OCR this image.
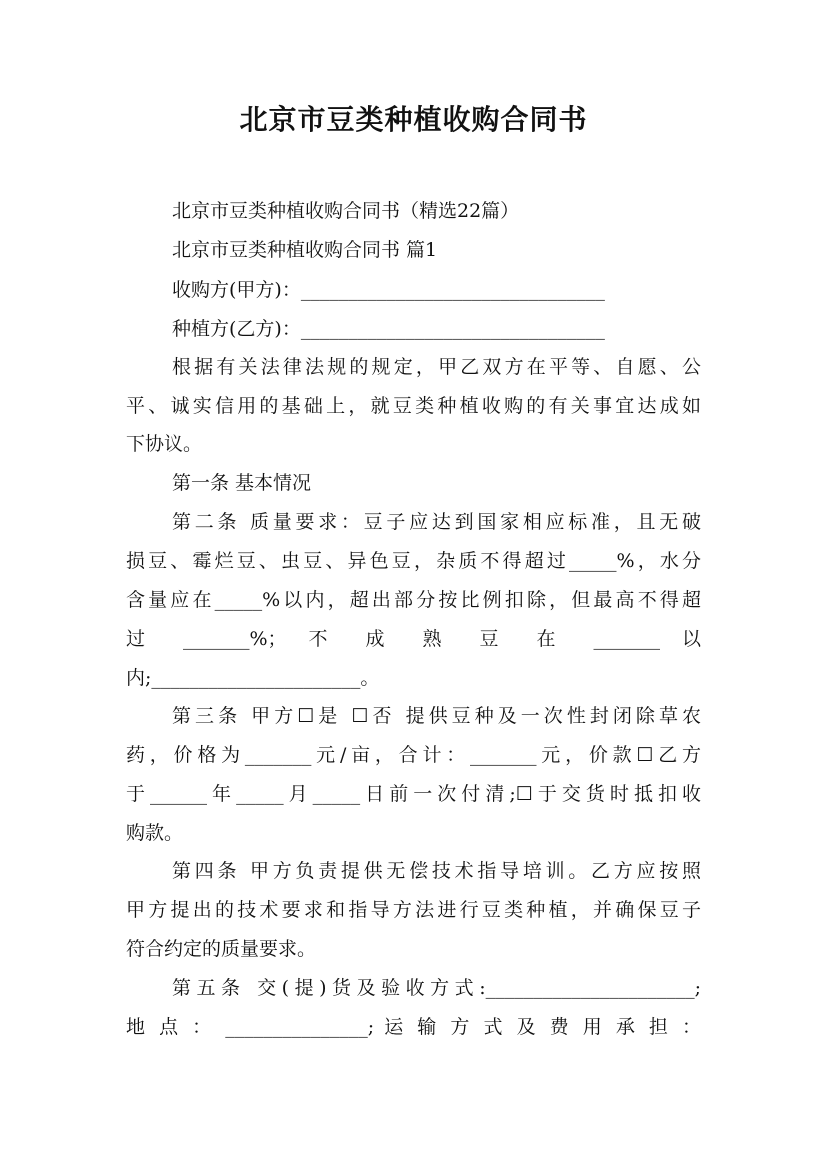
北京市豆类种植收购合同书
北京市豆类种植收购合同书（精选22篇）
北京市豆类种植收购合同书 篇1
收购方(甲方)：________________________________
种植方(乙方)：________________________________
根据有关法律法规的规定，甲乙双方在平等、自愿、公
平、诚实信用的基础上，就豆类种植收购的有关事宜达成如
下协议。
第一条 基本情况
第二条 质量要求：豆子应达到国家相应标准，且无破
损豆、霉烂豆、虫豆、异色豆，杂质不得超过_____%，水分
含量应在_____%以内，超出部分按比例扣除，但最高不得超
过 _______%； 不 成 熟 豆 在 _______ 以
内;______________________。
第三条 甲方☐是 ☐否 提供豆种及一次性封闭除草农
药，价格为_______元/亩，合计：_______元，价款☐乙方
于______年_____月_____日前一次付清;☐于交货时抵扣收
购款。
第四条 甲方负责提供无偿技术指导培训。乙方应按照
甲方提出的技术要求和指导方法进行豆类种植，并确保豆子
符合约定的质量要求。
第五条 交(提)货及验收方式:______________________;
地 点 ： _______________; 运 输 方 式 及 费 用 承 担 ：
